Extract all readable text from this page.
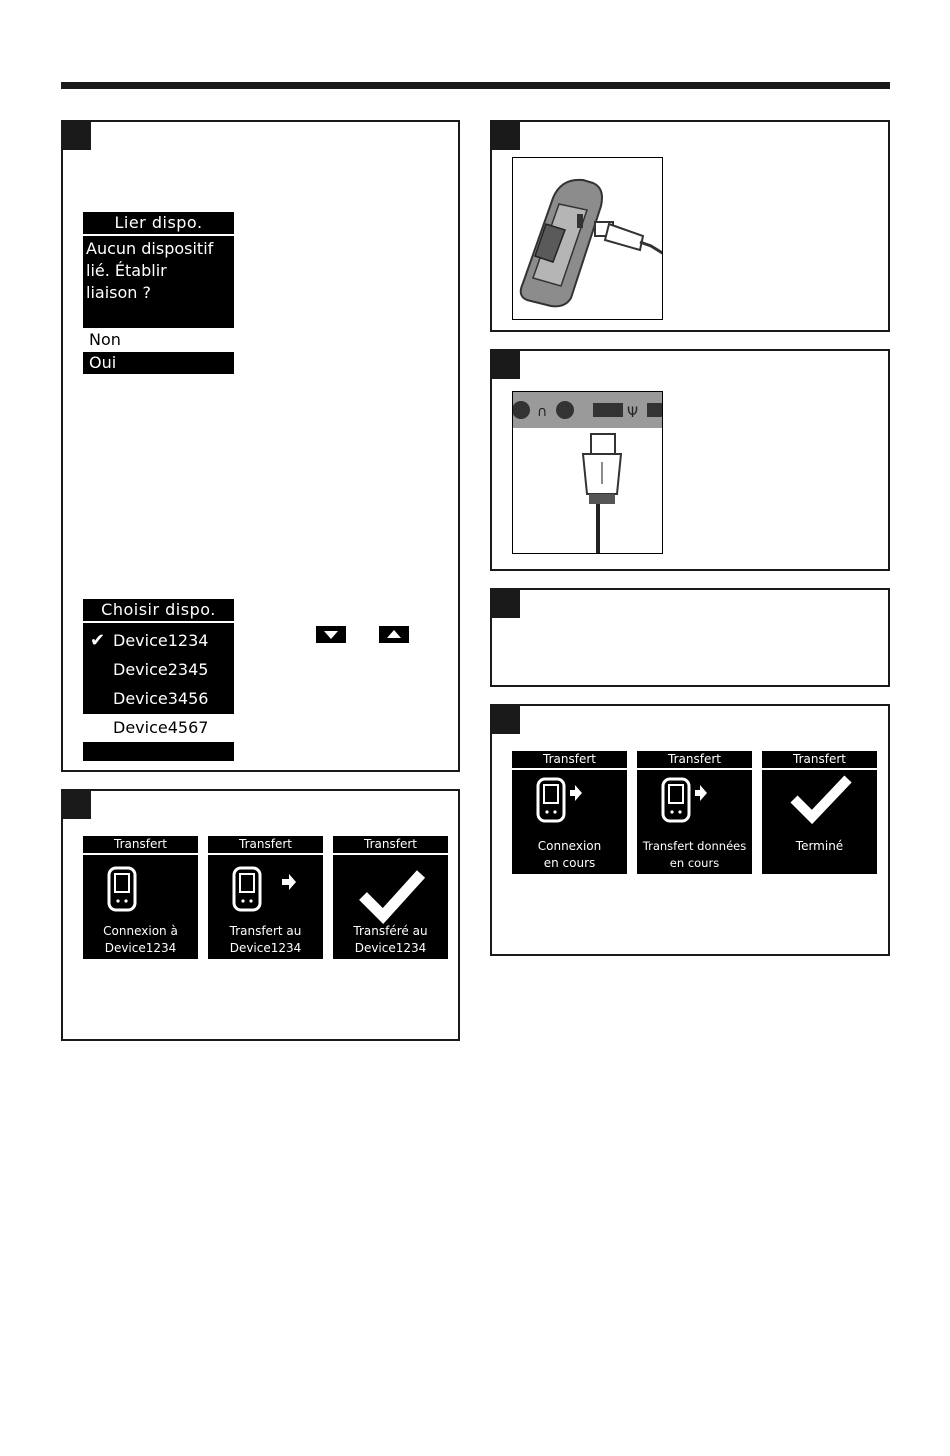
Lier dispo.
Aucun dispositif
lié. Établir
liaison ?
Non
Oui
Choisir dispo.
✔ Device1234
Device2345
Device3456
Device4567
Transfert
Connexion à
Device1234
Transfert
Transfert au
Device1234
Transfert
Transféré au
Device1234
∩	Ψ
Transfert
Connexion
en cours
Transfert
Transfert données
en cours
Transfert
Terminé
